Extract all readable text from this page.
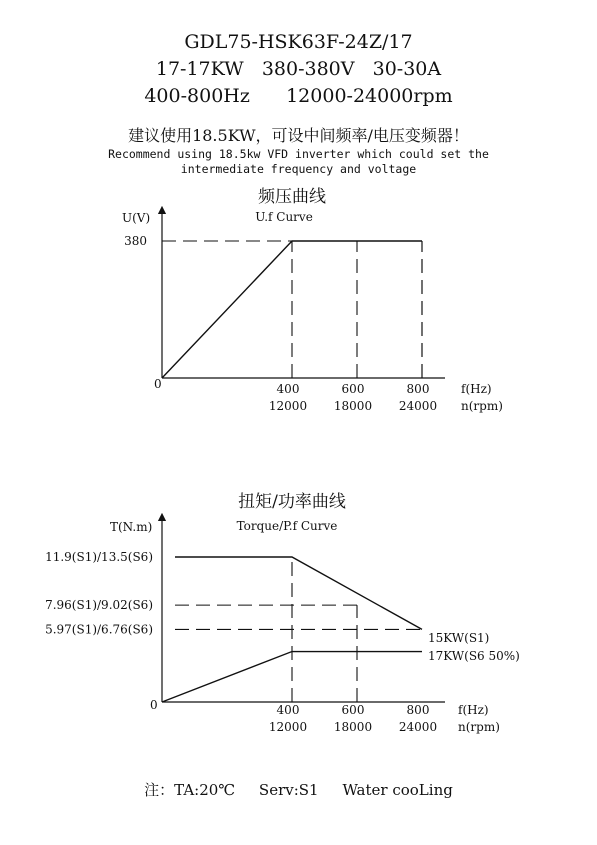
GDL75-HSK63F-24Z/17
17-17KW   380-380V   30-30A
400-800Hz      12000-24000rpm
建议使用18.5KW，可设中间频率/电压变频器！
Recommend using 18.5kw VFD inverter which could set the
intermediate frequency and voltage
频压曲线
U.f Curve
U(V)
0
380
400	600	800
12000 18000 24000
f(Hz)
n(rpm)
扭矩/功率曲线
Torque/P.f Curve
T(N.m)
0
11.9(S1)/13.5(S6)
7.96(S1)/9.02(S6)
5.97(S1)/6.76(S6)
400	600	800
12000 18000 24000
f(Hz)
n(rpm)
15KW(S1)
17KW(S6 50%)
注：TA:20℃     Serv:S1     Water cooLing
